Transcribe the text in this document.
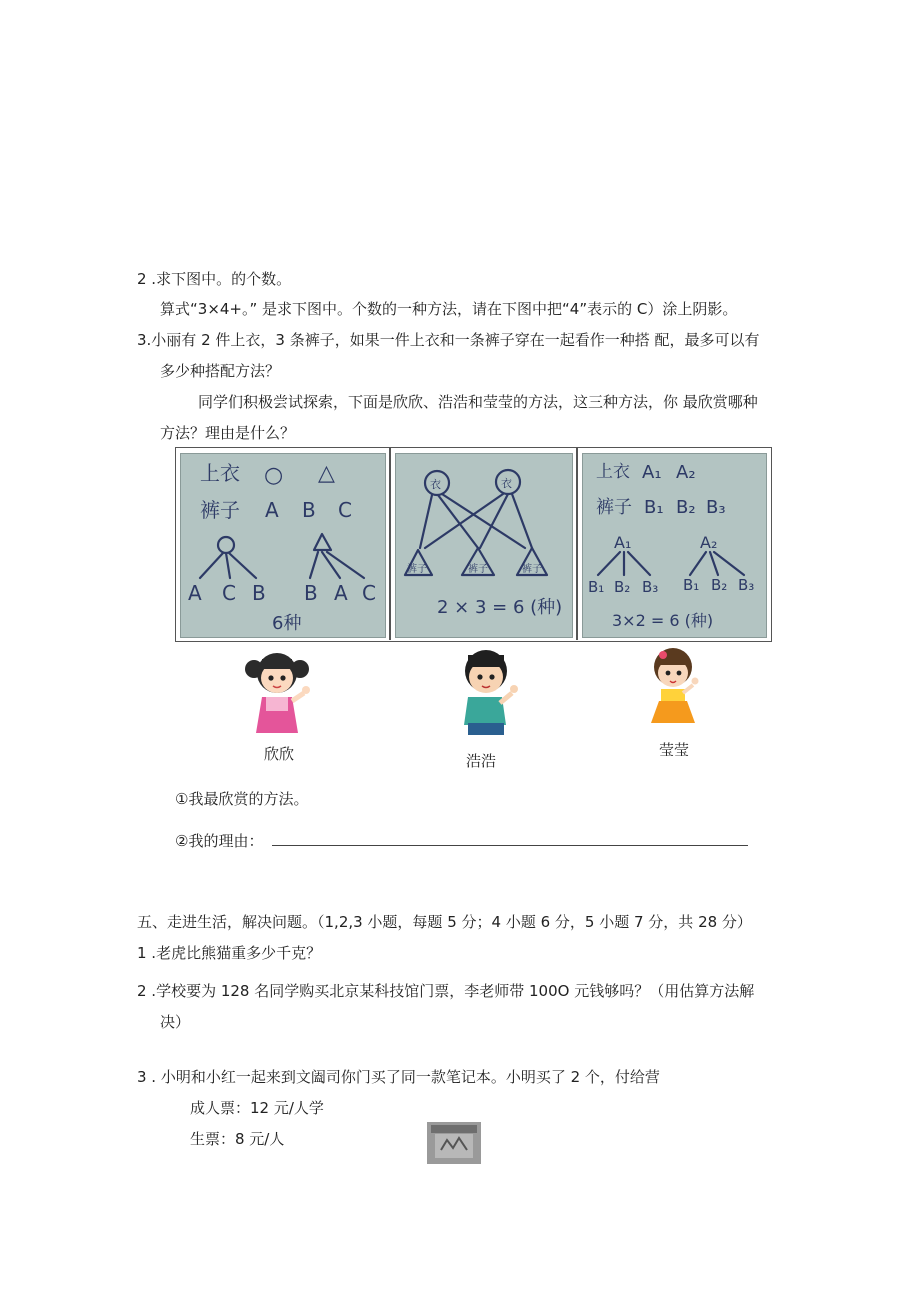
2 .求下图中。的个数。
算式“3×4+。” 是求下图中。个数的一种方法，请在下图中把“4”表示的 C）涂上阴影。
3.小丽有 2 件上衣，3 条裤子，如果一件上衣和一条裤子穿在一起看作一种搭 配，最多可以有
多少种搭配方法？
同学们积极尝试探索，下面是欣欣、浩浩和莹莹的方法，这三种方法，你 最欣赏哪种
方法？理由是什么？
上衣 ○ △
裤子 A B C
A C B B A C
6种
衣	衣
裤子	裤子	裤子
2 × 3 = 6 (种)
上衣 A₁ A₂
裤子 B₁ B₂ B₃
A₁
B₁ B₂ B₃
A₂
B₁ B₂ B₃
3×2 = 6 (种)
欣欣	浩浩
莹莹
①我最欣赏的方法。
②我的理由：
五、走进生活，解决问题。（1,2,3 小题，每题 5 分；4 小题 6 分，5 小题 7 分，共 28 分）
1 .老虎比熊猫重多少千克？
2 .学校要为 128 名同学购买北京某科技馆门票，李老师带 100O 元钱够吗？（用估算方法解
决）
3 . 小明和小红一起来到文阖司你门买了同一款笔记本。小明买了 2 个，付给营
成人票：12 元/人学
生票：8 元/人
